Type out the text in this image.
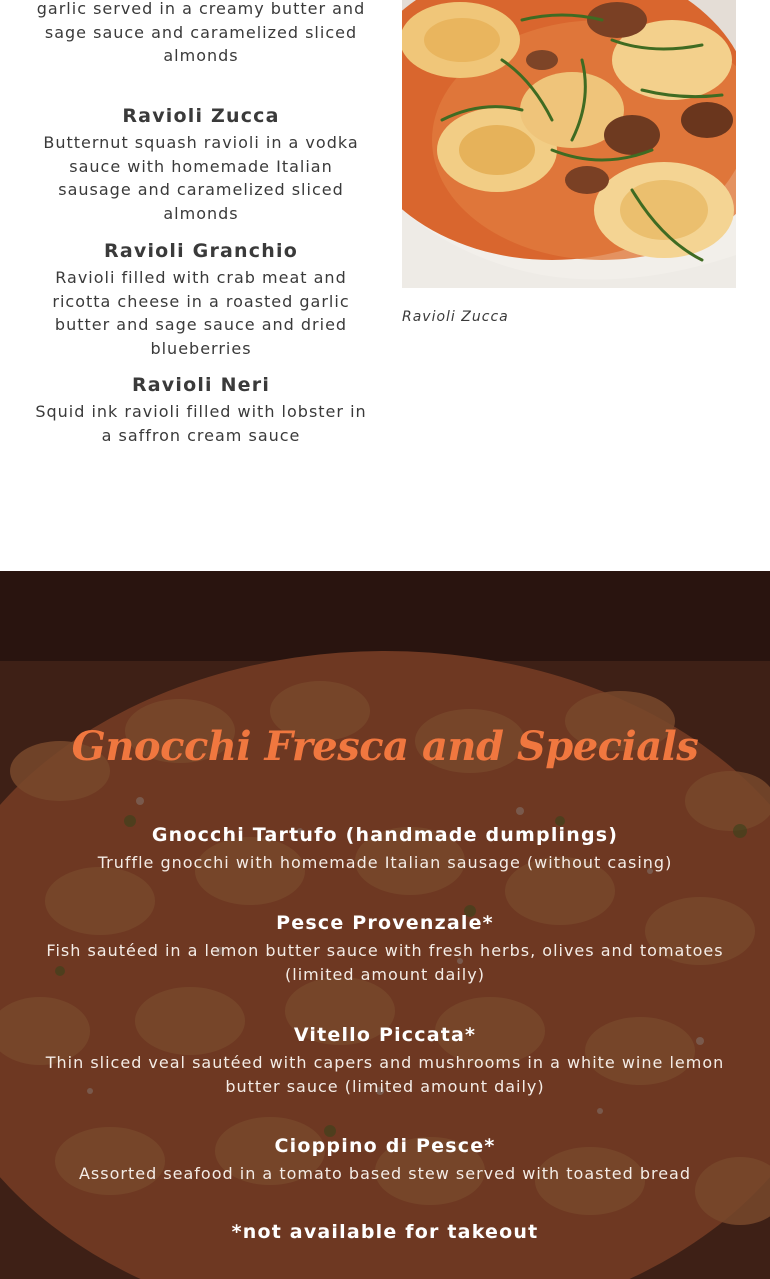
garlic served in a creamy butter and sage sauce and caramelized sliced almonds

Ravioli Zucca

Butternut squash ravioli in a vodka sauce with homemade Italian sausage and caramelized sliced almonds

Ravioli Granchio

Ravioli filled with crab meat and ricotta cheese in a roasted garlic butter and sage sauce and dried blueberries

Ravioli Neri

Squid ink ravioli filled with lobster in a saffron cream sauce

Ravioli Zucca
Gnocchi Fresca and Specials
Gnocchi Tartufo (handmade dumplings)

Truffle gnocchi with homemade Italian sausage (without casing)

Pesce Provenzale*

Fish sautéed in a lemon butter sauce with fresh herbs, olives and tomatoes (limited amount daily)

Vitello Piccata*

Thin sliced veal sautéed with capers and mushrooms in a white wine lemon butter sauce (limited amount daily)

Cioppino di Pesce*

Assorted seafood in a tomato based stew served with toasted bread

*not available for takeout
